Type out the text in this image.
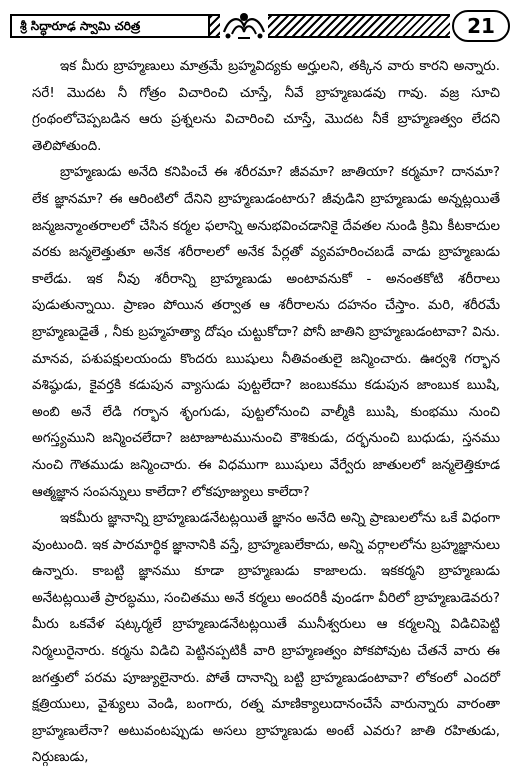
శ్రీ సిద్ధారూఢ స్వామి చరిత్ర	21

ఇక మీరు బ్రాహ్మణులు మాత్రమే బ్రహ్మవిద్యకు అర్హులని, తక్కిన వారు కారని అన్నారు. సరే! మొదట నీ గోత్రం విచారించి చూస్తే, నీవే బ్రాహ్మణుడవు గావు. వజ్ర సూచి గ్రంథంలోచెప్పబడిన ఆరు ప్రశ్నలను విచారించి చూస్తే, మొదట నీకే బ్రాహ్మణత్వం లేదని తెలిపోతుంది.

బ్రాహ్మణుడు అనేది కనిపించే ఈ శరీరమా? జీవమా? జాతియా? కర్మమా? దానమా? లేక జ్ఞానమా? ఈ ఆరింటిలో దేనిని బ్రాహ్మణుడంటారు? జీవుడిని బ్రాహ్మణుడు అన్నట్లయితే జన్మజన్మాంతరాలలో చేసిన కర్మల ఫలాన్ని అనుభవించడానికై దేవతల నుండి క్రిమి కీటకాదుల వరకు జన్మలెత్తుతూ అనేక శరీరాలలో అనేక పేర్లతో వ్యవహరించబడే వాడు బ్రాహ్మణుడు కాలేడు. ఇక నీవు శరీరాన్ని బ్రాహ్మణుడు అంటావనుకో - అనంతకోటి శరీరాలు పుడుతున్నాయి. ప్రాణం పోయిన తర్వాత ఆ శరీరాలను దహనం చేస్తాం. మరి, శరీరమే బ్రాహ్మణుడైతే , నీకు బ్రహ్మహత్యా దోషం చుట్టుకోదా? పోనీ జాతిని బ్రాహ్మణుడంటావా? విను. మానవ, పశుపక్షులయందు కొందరు ఋషులు నీతివంతులై జన్మించారు. ఊర్వశి గర్భాన వశిష్ఠుడు, కైవర్తకి కడుపున వ్యాసుడు పుట్టలేదా? జంబుకము కడుపున జాంబుక ఋషి, అంబి అనే లేడి గర్భాన శృంగుడు, పుట్టలోనుంచి వాల్మీకి ఋషి, కుంభము నుంచి అగస్త్యముని జన్మించలేదా? జటాజూటమునుంచి కౌశికుడు, దర్భనుంచి బుధుడు, స్తనము నుంచి గౌతముడు జన్మించారు. ఈ విధముగా ఋషులు వేర్వేరు జాతులలో జన్మలెత్తికూడ ఆత్మజ్ఞాన సంపన్నులు కాలేదా? లోకపూజ్యులు కాలేదా?

ఇకమీరు జ్ఞానాన్ని బ్రాహ్మణుడనేటట్లయితే జ్ఞానం అనేది అన్ని ప్రాణులలోను ఒకే విధంగా వుంటుంది. ఇక పారమార్థిక జ్ఞానానికి వస్తే, బ్రాహ్మణులేకాదు, అన్ని వర్గాలలోను బ్రహ్మజ్ఞానులు ఉన్నారు. కాబట్టి జ్ఞానము కూడా బ్రాహ్మణుడు కాజాలదు. ఇకకర్మని బ్రాహ్మణుడు అనేటట్లయితే ప్రారబ్ధము, సంచితము అనే కర్మలు అందరికీ వుండగా వీరిలో బ్రాహ్మణుడెవరు? మీరు ఒకవేళ షట్కర్మలే బ్రాహ్మణుడనేటట్లయితే మునీశ్వరులు ఆ కర్మలన్ని విడిచిపెట్టి నిర్మలురైనారు. కర్మను విడిచి పెట్టినప్పటికీ వారి బ్రాహ్మణత్వం పోకపోవుట చేతనే వారు ఈ జగత్తులో పరమ పూజ్యులైనారు. పోతే దానాన్ని బట్టి బ్రాహ్మణుడంటావా? లోకంలో ఎందరో క్షత్రియులు, వైశ్యులు వెండి, బంగారు, రత్న మాణిక్యాలుదానంచేసే వారున్నారు వారంతా బ్రాహ్మణులేనా? అటువంటప్పుడు అసలు బ్రాహ్మణుడు అంటే ఎవరు? జాతి రహితుడు, నిర్గుణుడు,
